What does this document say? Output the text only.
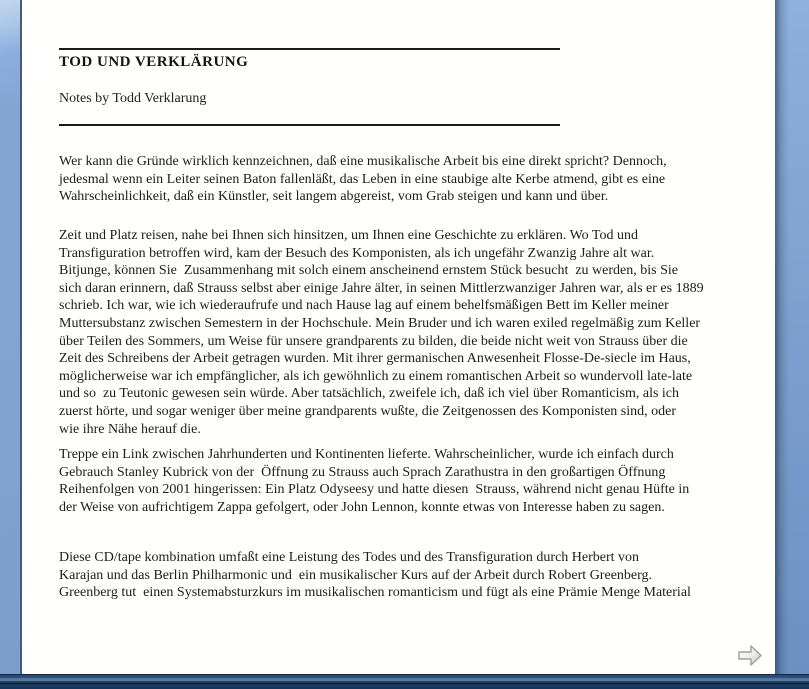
TOD UND VERKLÄRUNG
Notes by Todd Verklarung
Wer kann die Gründe wirklich kennzeichnen, daß eine musikalische Arbeit bis eine direkt spricht? Dennoch,
jedesmal wenn ein Leiter seinen Baton fallenläßt, das Leben in eine staubige alte Kerbe atmend, gibt es eine
Wahrscheinlichkeit, daß ein Künstler, seit langem abgereist, vom Grab steigen und kann und über.
Zeit und Platz reisen, nahe bei Ihnen sich hinsitzen, um Ihnen eine Geschichte zu erklären. Wo Tod und
Transfiguration betroffen wird, kam der Besuch des Komponisten, als ich ungefähr Zwanzig Jahre alt war.
Bitjunge, können Sie  Zusammenhang mit solch einem anscheinend ernstem Stück besucht  zu werden, bis Sie
sich daran erinnern, daß Strauss selbst aber einige Jahre älter, in seinen Mittlerzwanziger Jahren war, als er es 1889
schrieb. Ich war, wie ich wiederaufrufe und nach Hause lag auf einem behelfsmäßigen Bett im Keller meiner
Muttersubstanz zwischen Semestern in der Hochschule. Mein Bruder und ich waren exiled regelmäßig zum Keller
über Teilen des Sommers, um Weise für unsere grandparents zu bilden, die beide nicht weit von Strauss über die
Zeit des Schreibens der Arbeit getragen wurden. Mit ihrer germanischen Anwesenheit Flosse-De-siecle im Haus,
möglicherweise war ich empfänglicher, als ich gewöhnlich zu einem romantischen Arbeit so wundervoll late-late
und so  zu Teutonic gewesen sein würde. Aber tatsächlich, zweifele ich, daß ich viel über Romanticism, als ich
zuerst hörte, und sogar weniger über meine grandparents wußte, die Zeitgenossen des Komponisten sind, oder
wie ihre Nähe herauf die.
Treppe ein Link zwischen Jahrhunderten und Kontinenten lieferte. Wahrscheinlicher, wurde ich einfach durch
Gebrauch Stanley Kubrick von der  Öffnung zu Strauss auch Sprach Zarathustra in den großartigen Öffnung
Reihenfolgen von 2001 hingerissen: Ein Platz Odyseesy und hatte diesen  Strauss, während nicht genau Hüfte in
der Weise von aufrichtigem Zappa gefolgert, oder John Lennon, konnte etwas von Interesse haben zu sagen.
Diese CD/tape kombination umfaßt eine Leistung des Todes und des Transfiguration durch Herbert von
Karajan und das Berlin Philharmonic und  ein musikalischer Kurs auf der Arbeit durch Robert Greenberg.
Greenberg tut  einen Systemabsturzkurs im musikalischen romanticism und fügt als eine Prämie Menge Material
